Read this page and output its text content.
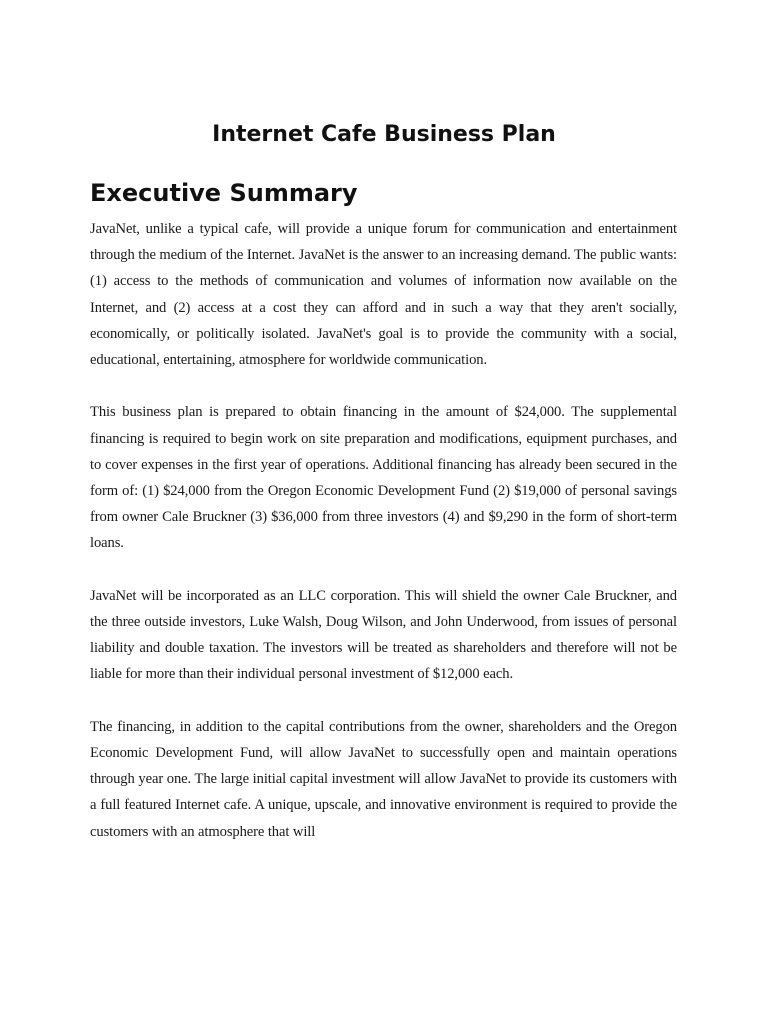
Internet Cafe Business Plan
Executive Summary

JavaNet, unlike a typical cafe, will provide a unique forum for communication and entertainment through the medium of the Internet. JavaNet is the answer to an increasing demand. The public wants: (1) access to the methods of communication and volumes of information now available on the Internet, and (2) access at a cost they can afford and in such a way that they aren't socially, economically, or politically isolated. JavaNet's goal is to provide the community with a social, educational, entertaining, atmosphere for worldwide communication.

This business plan is prepared to obtain financing in the amount of $24,000. The supplemental financing is required to begin work on site preparation and modifications, equipment purchases, and to cover expenses in the first year of operations. Additional financing has already been secured in the form of: (1) $24,000 from the Oregon Economic Development Fund (2) $19,000 of personal savings from owner Cale Bruckner (3) $36,000 from three investors (4) and $9,290 in the form of short-term loans.

JavaNet will be incorporated as an LLC corporation. This will shield the owner Cale Bruckner, and the three outside investors, Luke Walsh, Doug Wilson, and John Underwood, from issues of personal liability and double taxation. The investors will be treated as shareholders and therefore will not be liable for more than their individual personal investment of $12,000 each.

The financing, in addition to the capital contributions from the owner, shareholders and the Oregon Economic Development Fund, will allow JavaNet to successfully open and maintain operations through year one. The large initial capital investment will allow JavaNet to provide its customers with a full featured Internet cafe. A unique, upscale, and innovative environment is required to provide the customers with an atmosphere that will
